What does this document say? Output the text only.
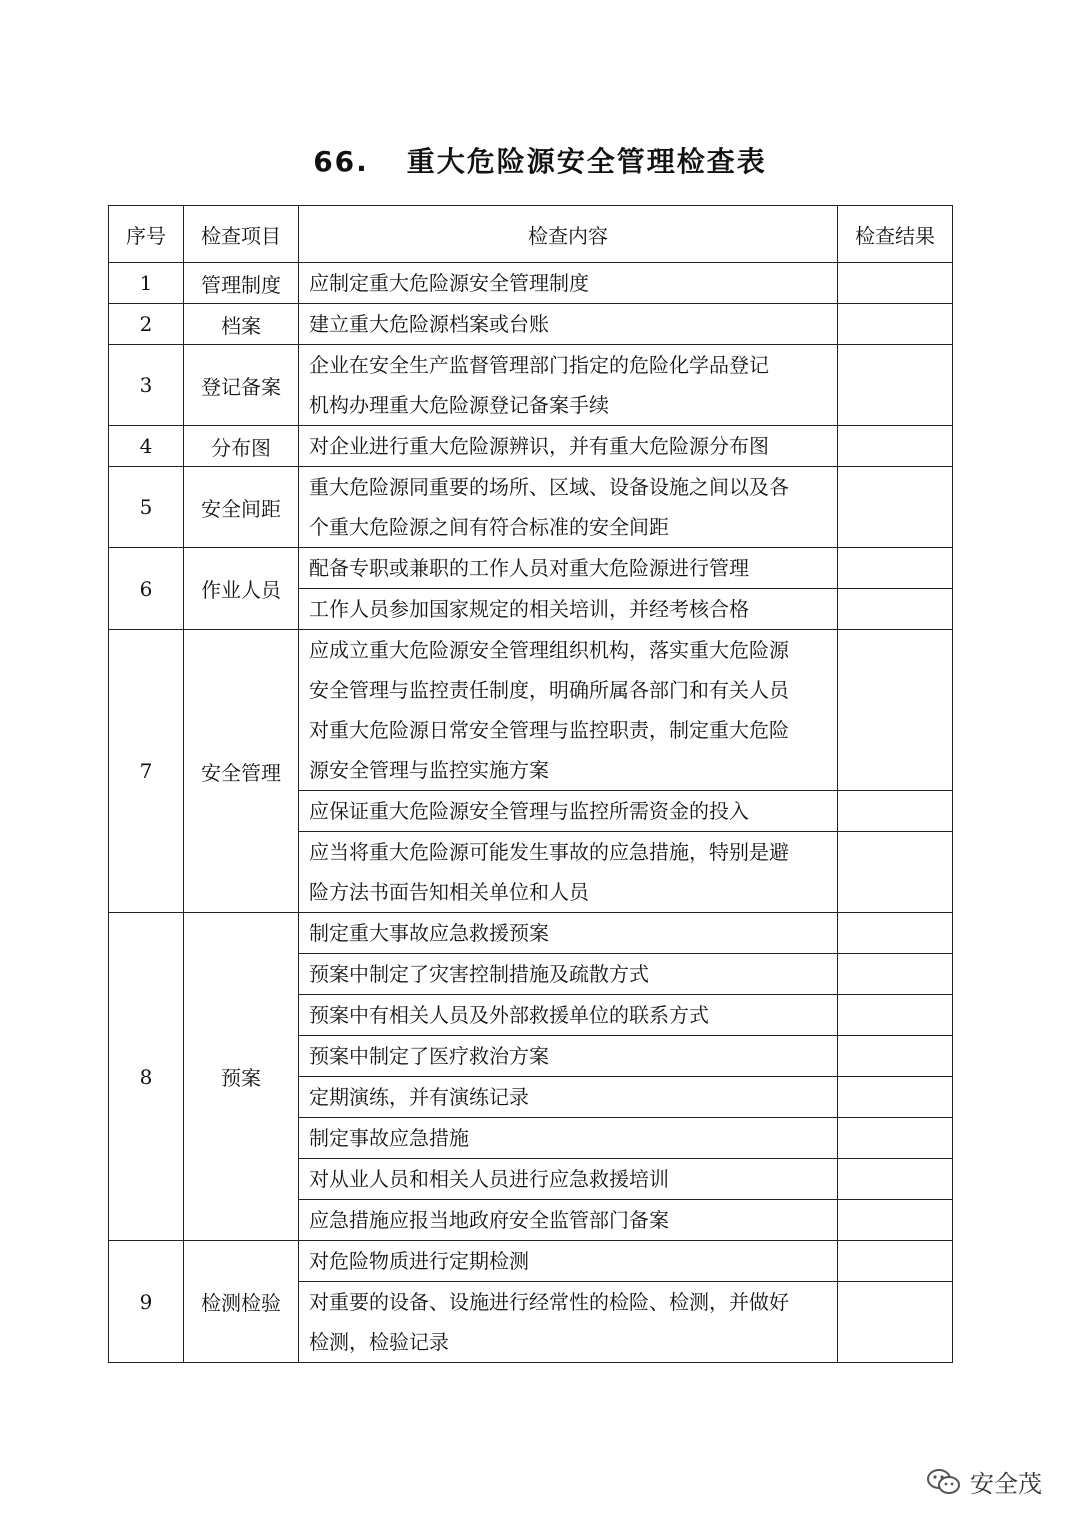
66. 重大危险源安全管理检查表
序号	检查项目	检查内容	检查结果
1	管理制度	应制定重大危险源安全管理制度	
2	档案	建立重大危险源档案或台账	
3	登记备案	企业在安全生产监督管理部门指定的危险化学品登记
机构办理重大危险源登记备案手续	

4	分布图	对企业进行重大危险源辨识，并有重大危险源分布图	
5	安全间距	重大危险源同重要的场所、区域、设备设施之间以及各
个重大危险源之间有符合标准的安全间距	

6	作业人员	配备专职或兼职的工作人员对重大危险源进行管理	
		工作人员参加国家规定的相关培训，并经考核合格	
7	安全管理	应成立重大危险源安全管理组织机构，落实重大危险源
安全管理与监控责任制度，明确所属各部门和有关人员
对重大危险源日常安全管理与监控职责，制定重大危险
源安全管理与监控实施方案	

		应保证重大危险源安全管理与监控所需资金的投入	

		应当将重大危险源可能发生事故的应急措施，特别是避
险方法书面告知相关单位和人员	

8	预案	制定重大事故应急救援预案	
		预案中制定了灾害控制措施及疏散方式	
		预案中有相关人员及外部救援单位的联系方式	
		预案中制定了医疗救治方案	
		定期演练，并有演练记录	
		制定事故应急措施	
		对从业人员和相关人员进行应急救援培训	
		应急措施应报当地政府安全监管部门备案	
9	检测检验	对危险物质进行定期检测	

		对重要的设备、设施进行经常性的检险、检测，并做好
检测，检验记录	

安全茂
